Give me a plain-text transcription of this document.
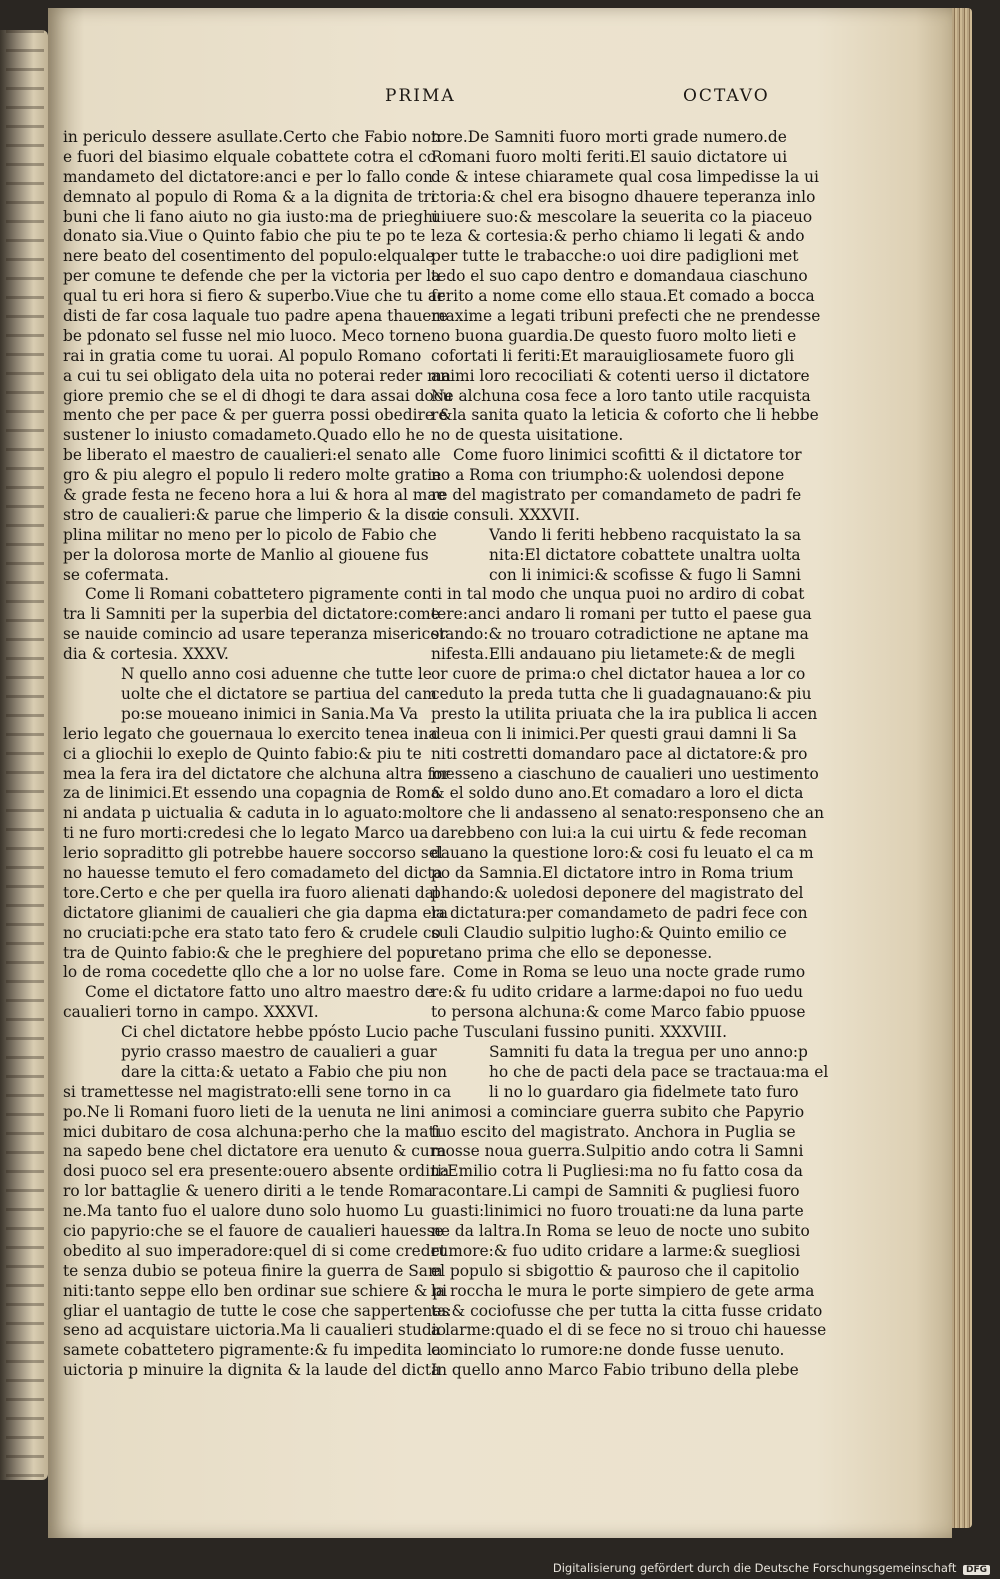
PRIMA	OCTAVO
in periculo dessere asullate.Certo che Fabio non
e fuori del biasimo elquale cobattete cotra el co
mandameto del dictatore:anci e per lo fallo con
demnato al populo di Roma & a la dignita de tri
buni che li fano aiuto no gia iusto:ma de prieghi
donato sia.Viue o Quinto fabio che piu te po te
nere beato del cosentimento del populo:elquale
per comune te defende che per la victoria per la
qual tu eri hora si fiero & superbo.Viue che tu ar
disti de far cosa laquale tuo padre apena thauere
be pdonato sel fusse nel mio luoco. Meco torne
rai in gratia come tu uorai. Al populo Romano
a cui tu sei obligato dela uita no poterai reder ma
giore premio che se el di dhogi te dara assai docu
mento che per pace & per guerra possi obedire &
sustener lo iniusto comadameto.Quado ello he
be liberato el maestro de caualieri:el senato alle
gro & piu alegro el populo li redero molte gratie
& grade festa ne feceno hora a lui & hora al mae
stro de caualieri:& parue che limperio & la disci
plina militar no meno per lo picolo de Fabio che
per la dolorosa morte de Manlio al giouene fus
se cofermata.
Come li Romani cobattetero pigramente con
tra li Samniti per la superbia del dictatore:come
se nauide comincio ad usare teperanza misericor
dia & cortesia. XXXV.
N quello anno cosi aduenne che tutte le
uolte che el dictatore se partiua del cam
po:se moueano inimici in Sania.Ma Va
lerio legato che gouernaua lo exercito tenea ina
ci a gliochii lo exeplo de Quinto fabio:& piu te
mea la fera ira del dictatore che alchuna altra for
za de linimici.Et essendo una copagnia de Roma
ni andata p uictualia & caduta in lo aguato:mol
ti ne furo morti:credesi che lo legato Marco ua
lerio sopraditto gli potrebbe hauere soccorso sel
no hauesse temuto el fero comadameto del dicta
tore.Certo e che per quella ira fuoro alienati dal
dictatore glianimi de caualieri che gia dapma era
no cruciati:pche era stato tato fero & crudele co
tra de Quinto fabio:& che le preghiere del popu
lo de roma cocedette qllo che a lor no uolse fare.
Come el dictatore fatto uno altro maestro de
caualieri torno in campo. XXXVI.
Ci chel dictatore hebbe ppósto Lucio pa
pyrio crasso maestro de caualieri a guar
dare la citta:& uetato a Fabio che piu non
si tramettesse nel magistrato:elli sene torno in ca
po.Ne li Romani fuoro lieti de la uenuta ne lini
mici dubitaro de cosa alchuna:perho che la mati
na sapedo bene chel dictatore era uenuto & cura
dosi puoco sel era presente:ouero absente ordina
ro lor battaglie & uenero diriti a le tende Roma
ne.Ma tanto fuo el ualore duno solo huomo Lu
cio papyrio:che se el fauore de caualieri hauesse
obedito al suo imperadore:quel di si come credet
te senza dubio se poteua finire la guerra de Sam
niti:tanto seppe ello ben ordinar sue schiere & pi
gliar el uantagio de tutte le cose che sappertenes
seno ad acquistare uictoria.Ma li caualieri studio
samete cobattetero pigramente:& fu impedita la
uictoria p minuire la dignita & la laude del dicta
tore.De Samniti fuoro morti grade numero.de
Romani fuoro molti feriti.El sauio dictatore ui
de & intese chiaramete qual cosa limpedisse la ui
ctoria:& chel era bisogno dhauere teperanza inlo
uiuere suo:& mescolare la seuerita co la piaceuo
leza & cortesia:& perho chiamo li legati & ando
per tutte le trabacche:o uoi dire padiglioni met
tedo el suo capo dentro e domandaua ciaschuno
ferito a nome come ello staua.Et comado a bocca
maxime a legati tribuni prefecti che ne prendesse
no buona guardia.De questo fuoro molto lieti e
cofortati li feriti:Et marauigliosamete fuoro gli
animi loro recociliati & cotenti uerso il dictatore
Ne alchuna cosa fece a loro tanto utile racquista
re la sanita quato la leticia & coforto che li hebbe
no de questa uisitatione.
Come fuoro linimici scofitti & il dictatore tor
no a Roma con triumpho:& uolendosi depone
re del magistrato per comandameto de padri fe
ce consuli. XXXVII.
Vando li feriti hebbeno racquistato la sa
nita:El dictatore cobattete unaltra uolta
con li inimici:& scofisse & fugo li Samni
ti in tal modo che unqua puoi no ardiro di cobat
tere:anci andaro li romani per tutto el paese gua
stando:& no trouaro cotradictione ne aptane ma
nifesta.Elli andauano piu lietamete:& de megli
or cuore de prima:o chel dictator hauea a lor co
ceduto la preda tutta che li guadagnauano:& piu
presto la utilita priuata che la ira publica li accen
deua con li inimici.Per questi graui damni li Sa
niti costretti domandaro pace al dictatore:& pro
messeno a ciaschuno de caualieri uno uestimento
& el soldo duno ano.Et comadaro a loro el dicta
tore che li andasseno al senato:responseno che an
darebbeno con lui:a la cui uirtu & fede recoman
dauano la questione loro:& cosi fu leuato el ca m
po da Samnia.El dictatore intro in Roma trium
phando:& uoledosi deponere del magistrato del
la dictatura:per comandameto de padri fece con
suli Claudio sulpitio lugho:& Quinto emilio ce
retano prima che ello se deponesse.
Come in Roma se leuo una nocte grade rumo
re:& fu udito cridare a larme:dapoi no fuo uedu
to persona alchuna:& come Marco fabio ppuose
che Tusculani fussino puniti. XXXVIII.
Samniti fu data la tregua per uno anno:p
ho che de pacti dela pace se tractaua:ma el
li no lo guardaro gia fidelmete tato furo
animosi a cominciare guerra subito che Papyrio
fuo escito del magistrato. Anchora in Puglia se
mosse noua guerra.Sulpitio ando cotra li Samni
ti:Emilio cotra li Pugliesi:ma no fu fatto cosa da
racontare.Li campi de Samniti & pugliesi fuoro
guasti:linimici no fuoro trouati:ne da luna parte
ne da laltra.In Roma se leuo de nocte uno subito
rumore:& fuo udito cridare a larme:& suegliosi
el populo si sbigottio & pauroso che il capitolio
la roccha le mura le porte simpiero de gete arma
ta:& cociofusse che per tutta la citta fusse cridato
a larme:quado el di se fece no si trouo chi hauesse
cominciato lo rumore:ne donde fusse uenuto.
In quello anno Marco Fabio tribuno della plebe
Digitalisierung gefördert durch die Deutsche Forschungsgemeinschaft DFG
